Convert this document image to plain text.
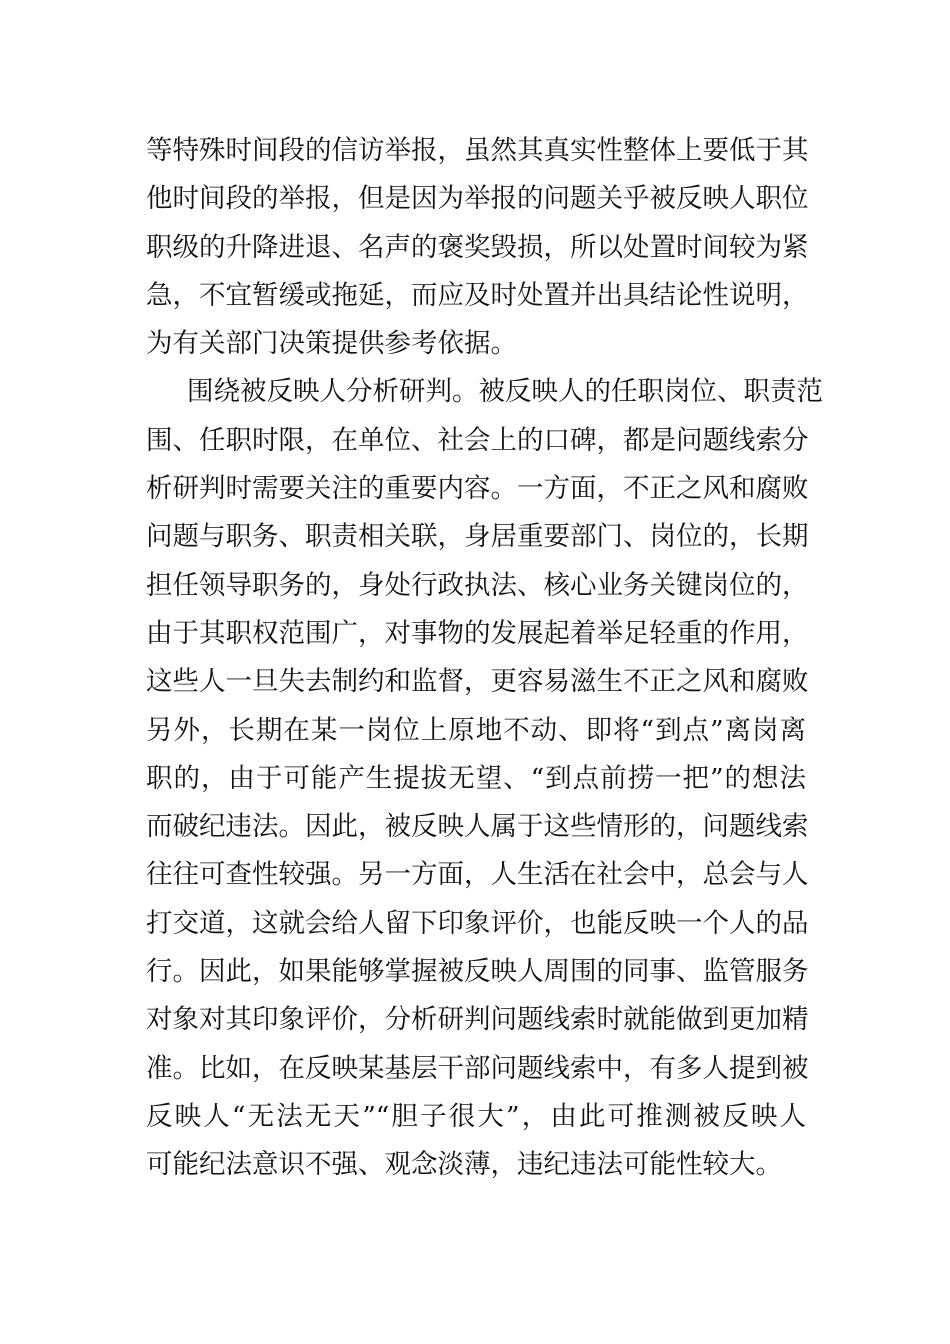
等特殊时间段的信访举报，虽然其真实性整体上要低于其
他时间段的举报，但是因为举报的问题关乎被反映人职位
职级的升降进退、名声的褒奖毁损，所以处置时间较为紧
急，不宜暂缓或拖延，而应及时处置并出具结论性说明，
为有关部门决策提供参考依据。
围绕被反映人分析研判。被反映人的任职岗位、职责范
围、任职时限，在单位、社会上的口碑，都是问题线索分
析研判时需要关注的重要内容。一方面，不正之风和腐败
问题与职务、职责相关联，身居重要部门、岗位的，长期
担任领导职务的，身处行政执法、核心业务关键岗位的，
由于其职权范围广，对事物的发展起着举足轻重的作用，
这些人一旦失去制约和监督，更容易滋生不正之风和腐败
另外，长期在某一岗位上原地不动、即将“到点”离岗离
职的，由于可能产生提拔无望、“到点前捞一把”的想法
而破纪违法。因此，被反映人属于这些情形的，问题线索
往往可查性较强。另一方面，人生活在社会中，总会与人
打交道，这就会给人留下印象评价，也能反映一个人的品
行。因此，如果能够掌握被反映人周围的同事、监管服务
对象对其印象评价，分析研判问题线索时就能做到更加精
准。比如，在反映某基层干部问题线索中，有多人提到被
反映人“无法无天”“胆子很大”，由此可推测被反映人
可能纪法意识不强、观念淡薄，违纪违法可能性较大。
